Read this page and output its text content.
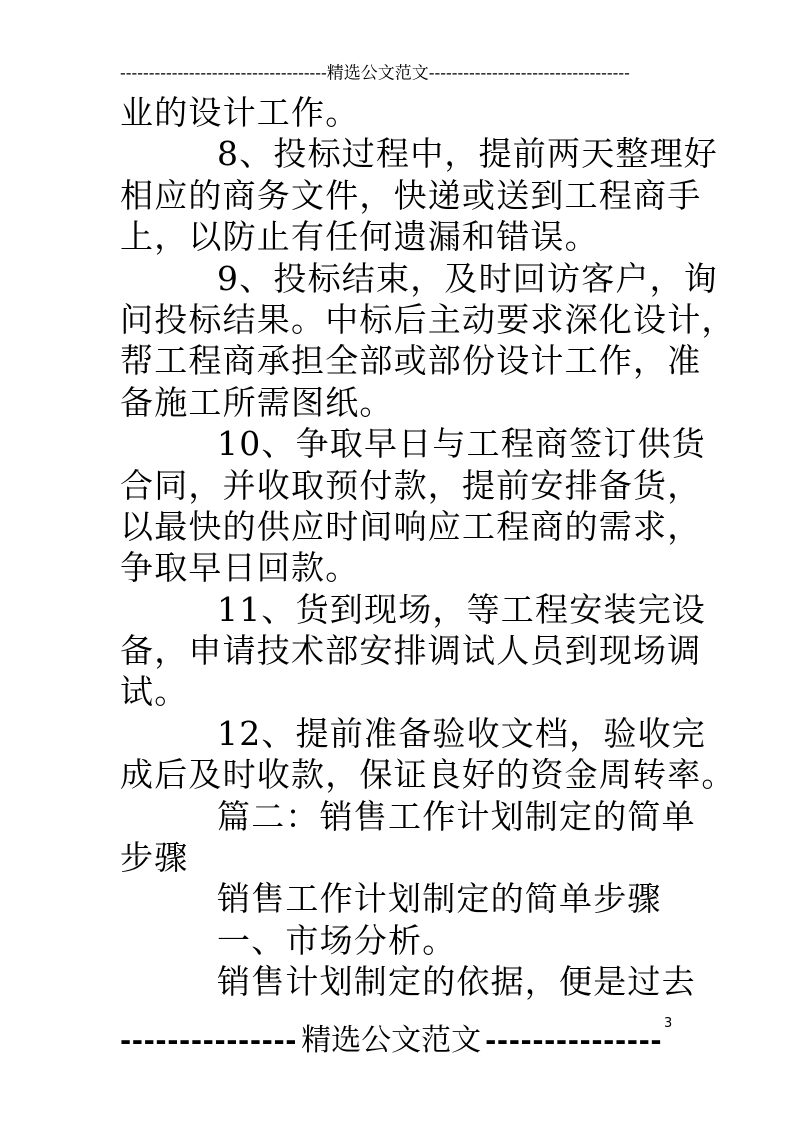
------------------------------------精选公文范文-----------------------------------
业的设计工作。
8、投标过程中，提前两天整理好
相应的商务文件，快递或送到工程商手
上，以防止有任何遗漏和错误。
9、投标结束，及时回访客户，询
问投标结果。中标后主动要求深化设计，
帮工程商承担全部或部份设计工作，准
备施工所需图纸。
10、争取早日与工程商签订供货
合同，并收取预付款，提前安排备货，
以最快的供应时间响应工程商的需求，
争取早日回款。
11、货到现场，等工程安装完设
备，申请技术部安排调试人员到现场调
试。
12、提前准备验收文档，验收完
成后及时收款，保证良好的资金周转率。
篇二：销售工作计划制定的简单
步骤
销售工作计划制定的简单步骤
一、市场分析。
销售计划制定的依据，便是过去
3
--------------- 精选公文范文 ---------------
